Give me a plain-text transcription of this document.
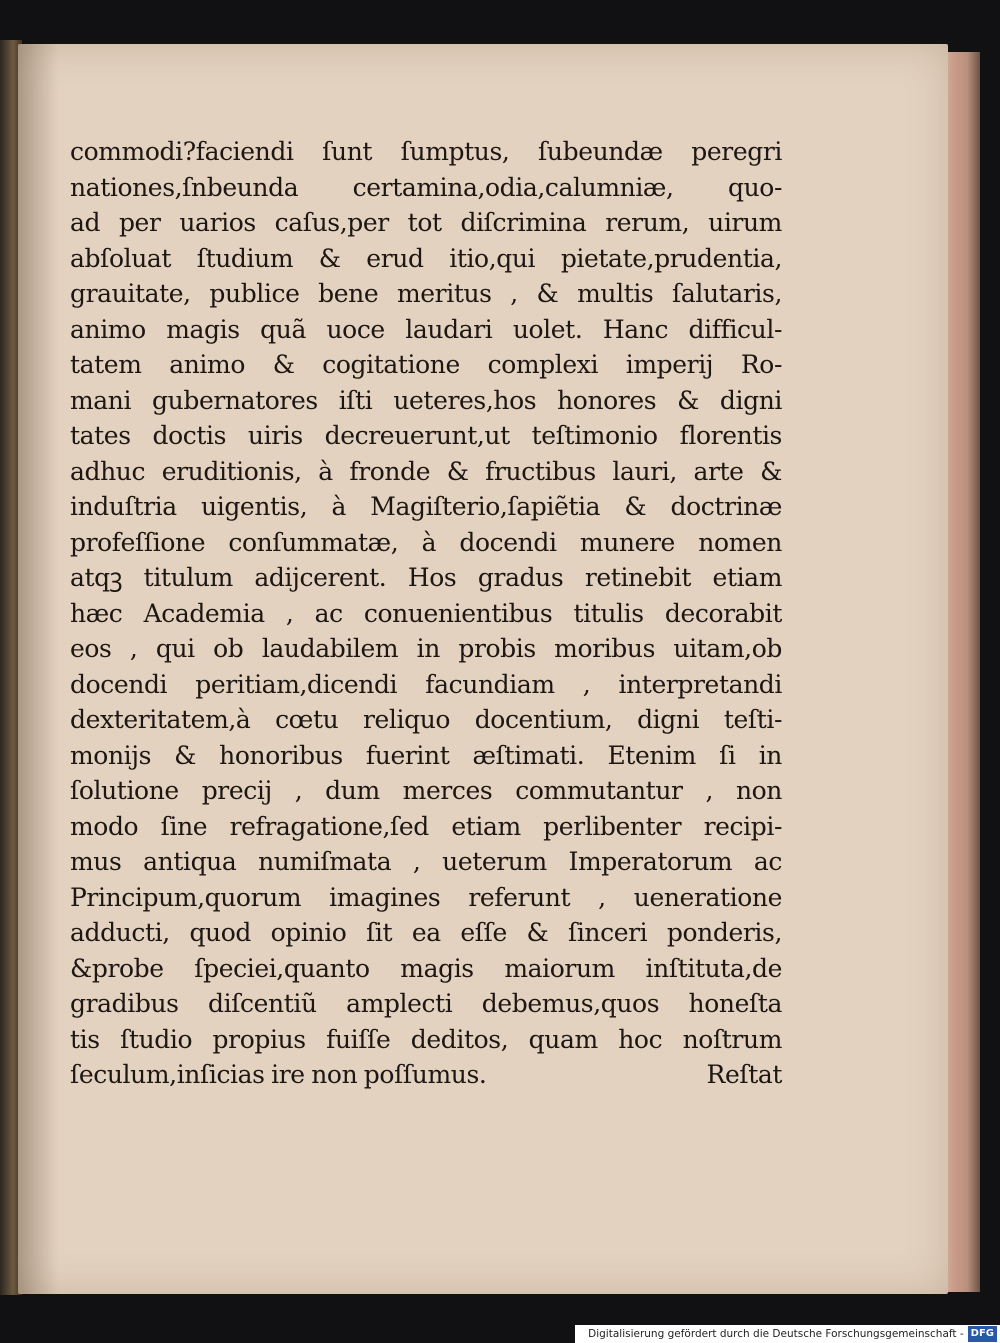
commodi?faciendi ſunt ſumptus, ſubeundæ peregri
nationes,ſnbeunda certamina,odia,calumniæ, quo-
ad per uarios caſus,per tot diſcrimina rerum, uirum
abſoluat ſtudium & erud itio,qui pietate,prudentia,
grauitate, publice bene meritus , & multis ſalutaris,
animo magis quã uoce laudari uolet. Hanc difficul-
tatem animo & cogitatione complexi imperij Ro-
mani gubernatores iſti ueteres,hos honores & digni
tates doctis uiris decreuerunt,ut teſtimonio florentis
adhuc eruditionis, à fronde & fructibus lauri, arte &
induſtria uigentis, à Magiſterio,ſapiẽtia & doctrinæ
profeſſione conſummatæ, à docendi munere nomen
atqꝫ titulum adijcerent. Hos gradus retinebit etiam
hæc Academia , ac conuenientibus titulis decorabit
eos , qui ob laudabilem in probis moribus uitam,ob
docendi peritiam,dicendi facundiam , interpretandi
dexteritatem,à cœtu reliquo docentium, digni teſti-
monijs & honoribus fuerint æſtimati. Etenim ſi in
ſolutione precij , dum merces commutantur , non
modo ſine refragatione,ſed etiam perlibenter recipi-
mus antiqua numiſmata , ueterum Imperatorum ac
Principum,quorum imagines referunt , ueneratione
adducti, quod opinio ſit ea eſſe & ſinceri ponderis,
&probe ſpeciei,quanto magis maiorum inſtituta,de
gradibus diſcentiũ amplecti debemus,quos honeſta
tis ſtudio propius fuiſſe deditos, quam hoc noſtrum
ſeculum,inſicias ire non poſſumus.	Reſtat
Digitalisierung gefördert durch die Deutsche Forschungsgemeinschaft - DFG
